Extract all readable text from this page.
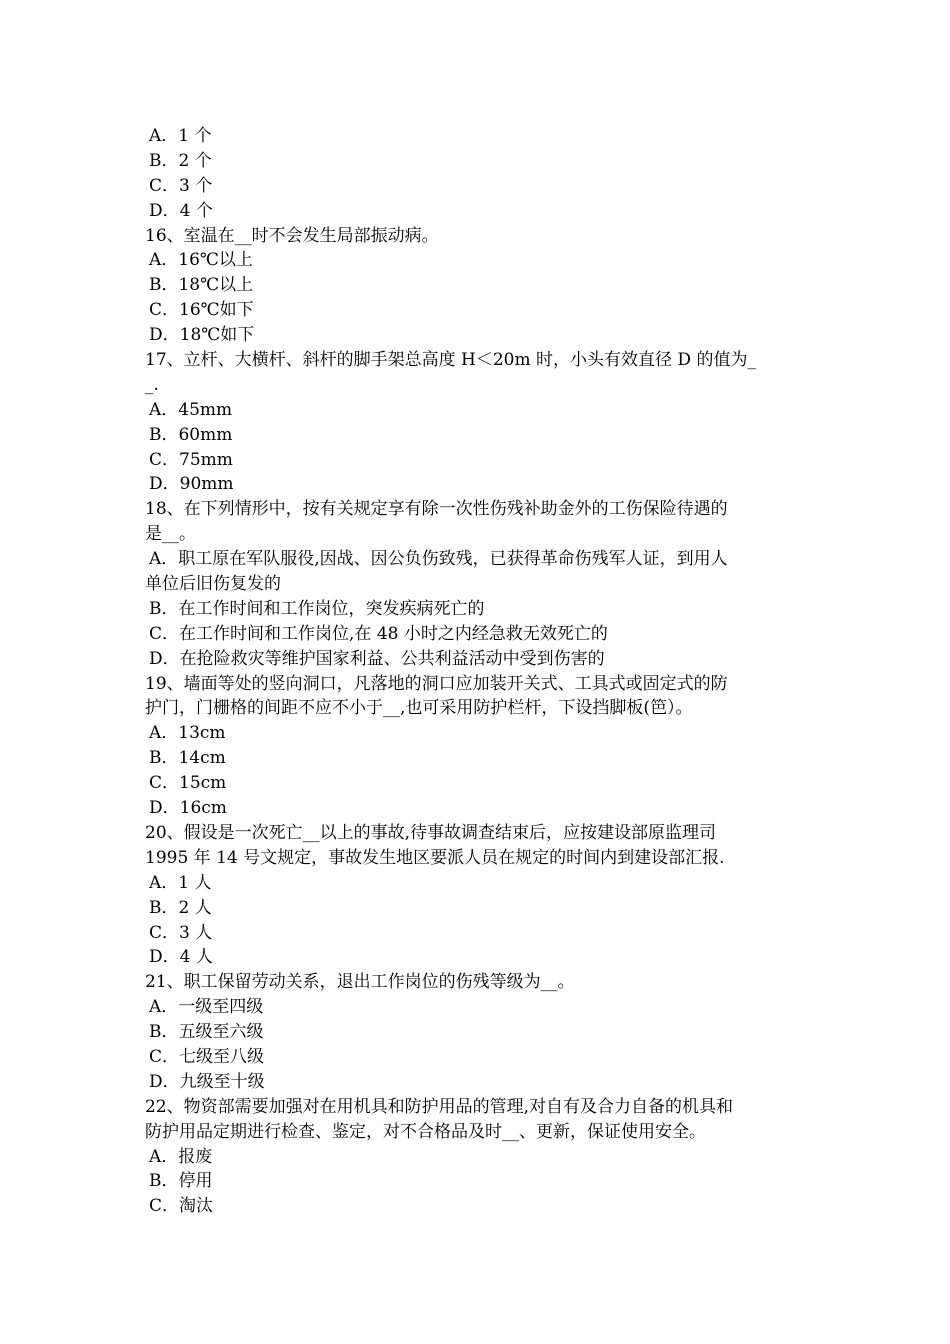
A．1 个
B．2 个
C．3 个
D．4 个
16、室温在__时不会发生局部振动病。
A．16℃以上
B．18℃以上
C．16℃如下
D．18℃如下
17、立杆、大横杆、斜杆的脚手架总高度 H＜20m 时，小头有效直径 D 的值为_
_.
A．45mm
B．60mm
C．75mm
D．90mm
18、在下列情形中，按有关规定享有除一次性伤残补助金外的工伤保险待遇的
是__。
A．职工原在军队服役,因战、因公负伤致残，已获得革命伤残军人证，到用人
单位后旧伤复发的
B．在工作时间和工作岗位，突发疾病死亡的
C．在工作时间和工作岗位,在 48 小时之内经急救无效死亡的
D．在抢险救灾等维护国家利益、公共利益活动中受到伤害的
19、墙面等处的竖向洞口，凡落地的洞口应加装开关式、工具式或固定式的防
护门，门栅格的间距不应不小于__,也可采用防护栏杆，下设挡脚板(笆）。
A．13cm
B．14cm
C．15cm
D．16cm
20、假设是一次死亡__以上的事故,待事故调查结束后，应按建设部原监理司
1995 年 14 号文规定，事故发生地区要派人员在规定的时间内到建设部汇报.
A．1 人
B．2 人
C．3 人
D．4 人
21、职工保留劳动关系，退出工作岗位的伤残等级为__。
A．一级至四级
B．五级至六级
C．七级至八级
D．九级至十级
22、物资部需要加强对在用机具和防护用品的管理,对自有及合力自备的机具和
防护用品定期进行检查、鉴定，对不合格品及时__、更新，保证使用安全。
A．报废
B．停用
C．淘汰
